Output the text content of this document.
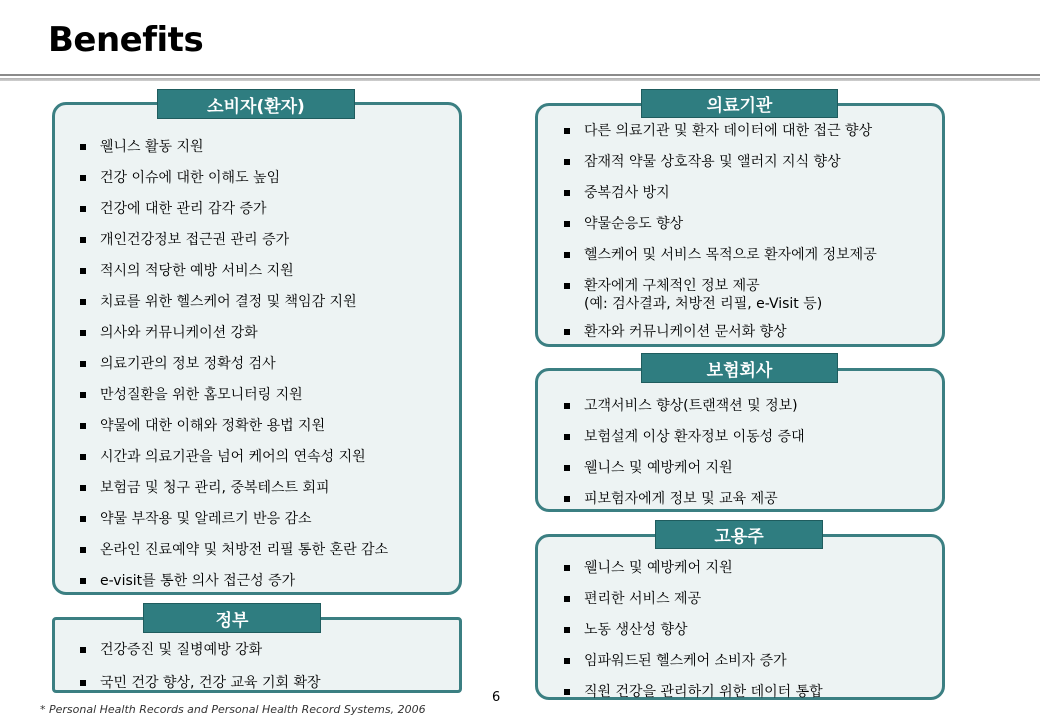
Benefits
소비자(환자)
웰니스 활동 지원
건강 이슈에 대한 이해도 높임
건강에 대한 관리 감각 증가
개인건강정보 접근권 관리 증가
적시의 적당한 예방 서비스 지원
치료를 위한 헬스케어 결정 및 책임감 지원
의사와 커뮤니케이션 강화
의료기관의 정보 정확성 검사
만성질환을 위한 홈모니터링 지원
약물에 대한 이해와 정확한 용법 지원
시간과 의료기관을 넘어 케어의 연속성 지원
보험금 및 청구 관리, 중복테스트 회피
약물 부작용 및 알레르기 반응 감소
온라인 진료예약 및 처방전 리필 통한 혼란 감소
e-visit를 통한 의사 접근성 증가
정부
건강증진 및 질병예방 강화
국민 건강 향상, 건강 교육 기회 확장
의료기관
다른 의료기관 및 환자 데이터에 대한 접근 향상
잠재적 약물 상호작용 및 앨러지 지식 향상
중복검사 방지
약물순응도 향상
헬스케어 및 서비스 목적으로 환자에게 정보제공
환자에게 구체적인 정보 제공
(예: 검사결과, 처방전 리필, e-Visit 등)
환자와 커뮤니케이션 문서화 향상
보험회사
고객서비스 향상(트랜잭션 및 정보)
보험설계 이상 환자정보 이동성 증대
웰니스 및 예방케어 지원
피보험자에게 정보 및 교육 제공
고용주
웰니스 및 예방케어 지원
편리한 서비스 제공
노동 생산성 향상
임파워드된 헬스케어 소비자 증가
직원 건강을 관리하기 위한 데이터 통합
6
* Personal Health Records and Personal Health Record Systems, 2006
